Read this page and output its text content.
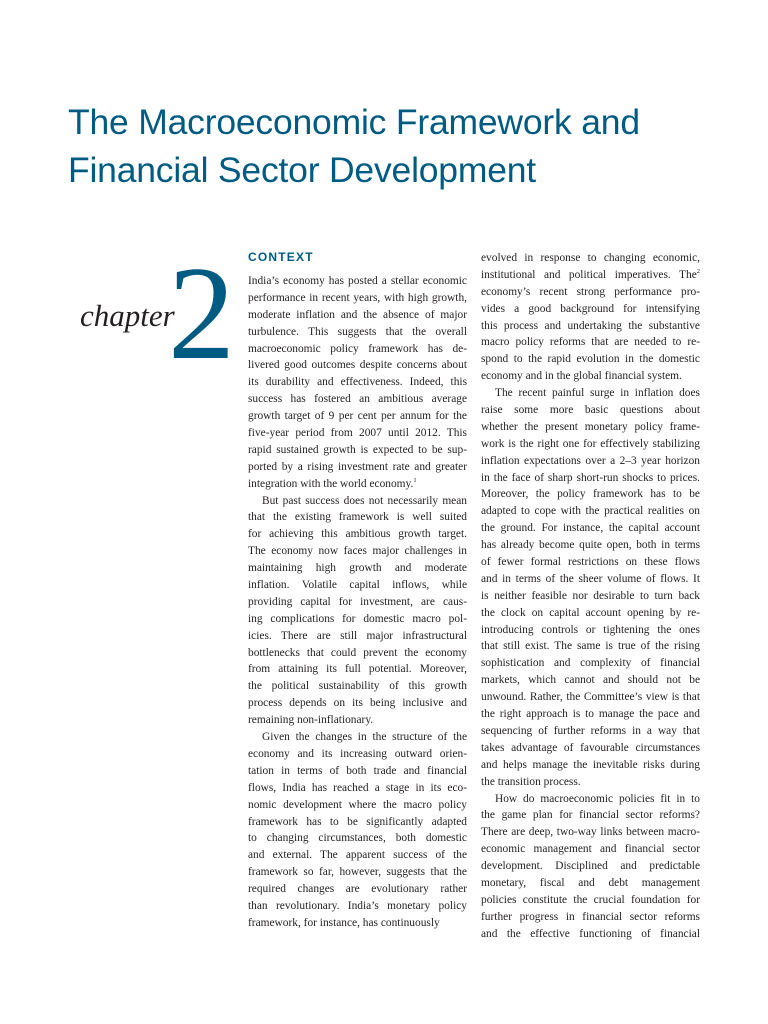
The Macroeconomic Framework and
Financial Sector Development
chapter
2 CONTEXT
India’s economy has posted a stellar economic
performance in recent years, with high growth,
moderate inflation and the absence of major
turbulence. This suggests that the overall
macroeconomic policy framework has de-
livered good outcomes despite concerns about
its durability and effectiveness. Indeed, this
success has fostered an ambitious average
growth target of 9 per cent per annum for the
five-year period from 2007 until 2012. This
rapid sustained growth is expected to be sup-
ported by a rising investment rate and greater
integration with the world economy.$^1$
But past success does not necessarily mean
that the existing framework is well suited
for achieving this ambitious growth target.
The economy now faces major challenges in
maintaining high growth and moderate
inflation. Volatile capital inflows, while
providing capital for investment, are caus-
ing complications for domestic macro pol-
icies. There are still major infrastructural
bottlenecks that could prevent the economy
from attaining its full potential. Moreover,
the political sustainability of this growth
process depends on its being inclusive and
remaining non-inflationary.
Given the changes in the structure of the
economy and its increasing outward orien-
tation in terms of both trade and financial
flows, India has reached a stage in its eco-
nomic development where the macro policy
framework has to be significantly adapted
to changing circumstances, both domestic
and external. The apparent success of the
framework so far, however, suggests that the
required changes are evolutionary rather
than revolutionary. India’s monetary policy
framework, for instance, has continuously
evolved in response to changing economic,
institutional and political imperatives. The$^2$
economy’s recent strong performance pro-
vides a good background for intensifying
this process and undertaking the substantive
macro policy reforms that are needed to re-
spond to the rapid evolution in the domestic
economy and in the global financial system.
The recent painful surge in inflation does
raise some more basic questions about
whether the present monetary policy frame-
work is the right one for effectively stabilizing
inflation expectations over a 2–3 year horizon
in the face of sharp short-run shocks to prices.
Moreover, the policy framework has to be
adapted to cope with the practical realities on
the ground. For instance, the capital account
has already become quite open, both in terms
of fewer formal restrictions on these flows
and in terms of the sheer volume of flows. It
is neither feasible nor desirable to turn back
the clock on capital account opening by re-
introducing controls or tightening the ones
that still exist. The same is true of the rising
sophistication and complexity of financial
markets, which cannot and should not be
unwound. Rather, the Committee’s view is that
the right approach is to manage the pace and
sequencing of further reforms in a way that
takes advantage of favourable circumstances
and helps manage the inevitable risks during
the transition process.
How do macroeconomic policies fit in to
the game plan for financial sector reforms?
There are deep, two-way links between macro-
economic management and financial sector
development. Disciplined and predictable
monetary, fiscal and debt management
policies constitute the crucial foundation for
further progress in financial sector reforms
and the effective functioning of financial
